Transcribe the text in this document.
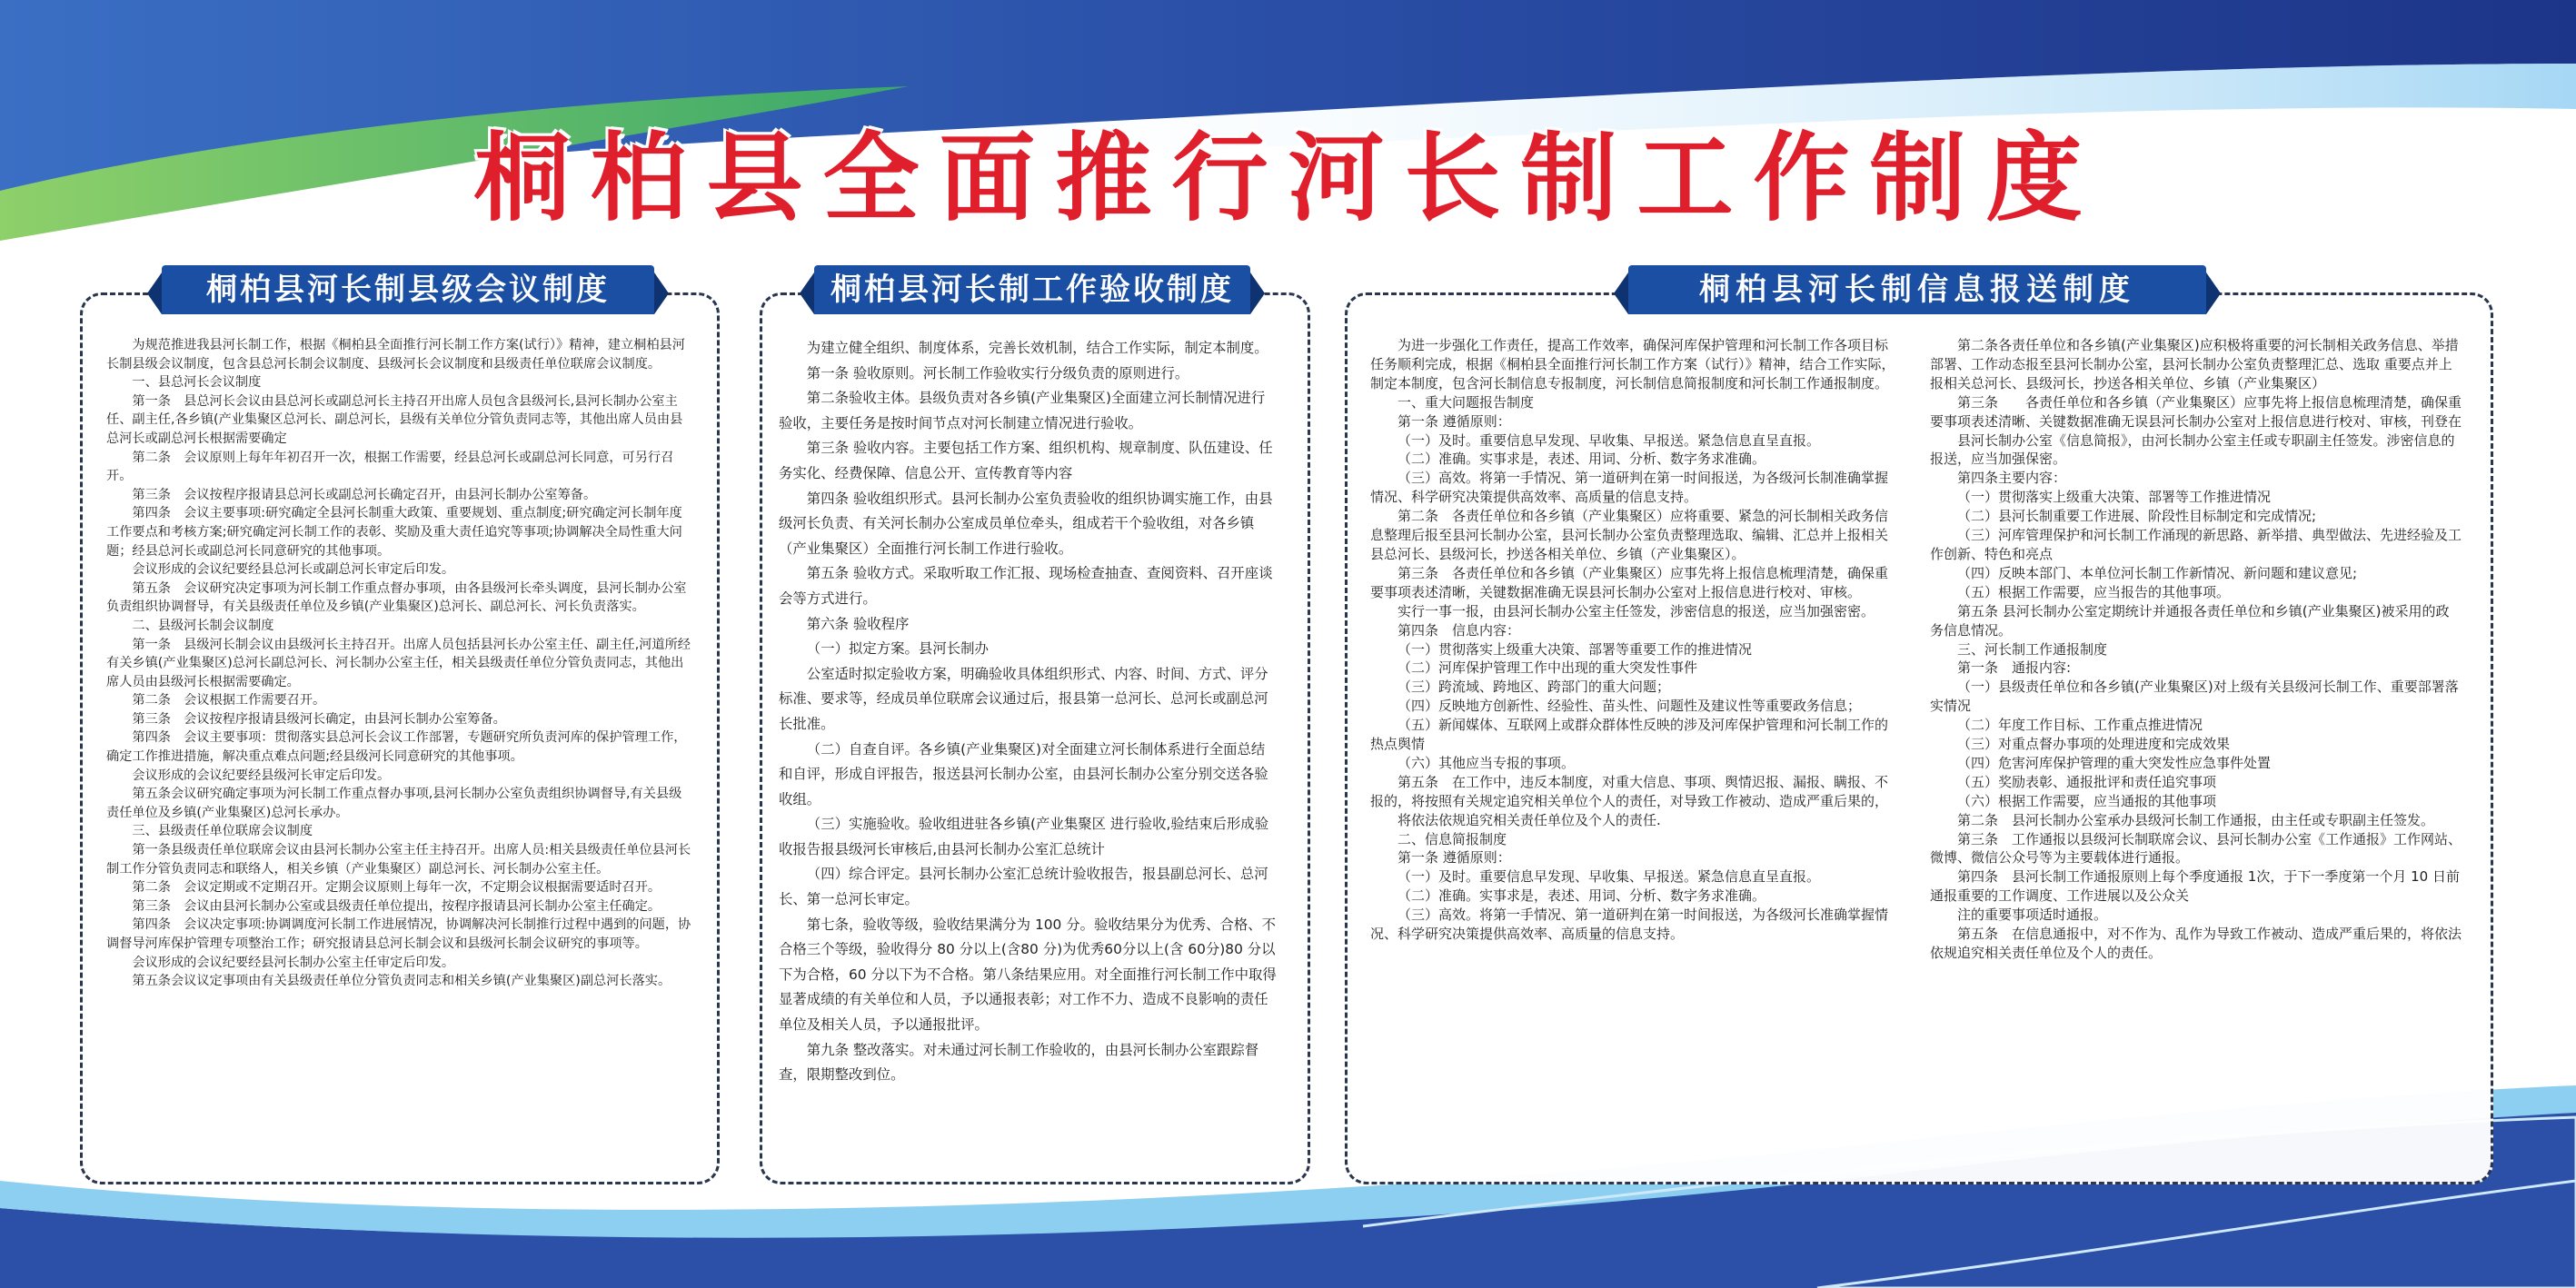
桐柏县全面推行河长制工作制度
桐柏县河长制县级会议制度

为规范推进我县河长制工作，根据《桐柏县全面推行河长制工作方案(试行）》精神，建立桐柏县河长制县级会议制度，包含县总河长制会议制度、县级河长会议制度和县级责任单位联席会议制度。

一、县总河长会议制度

第一条　县总河长会议由县总河长或副总河长主持召开出席人员包含县级河长,县河长制办公室主任、副主任,各乡镇(产业集聚区总河长、副总河长，县级有关单位分管负责同志等，其他出席人员由县总河长或副总河长根据需要确定

第二条　会议原则上每年年初召开一次，根据工作需要，经县总河长或副总河长同意，可另行召开。

第三条　会议按程序报请县总河长或副总河长确定召开，由县河长制办公室筹备。

第四条　会议主要事项:研究确定全县河长制重大政策、重要规划、重点制度;研究确定河长制年度工作要点和考核方案;研究确定河长制工作的表彰、奖励及重大责任追究等事项;协调解决全局性重大问题；经县总河长或副总河长同意研究的其他事项。

会议形成的会议纪要经县总河长或副总河长审定后印发。

第五条　会议研究决定事项为河长制工作重点督办事项，由各县级河长牵头调度，县河长制办公室负责组织协调督导，有关县级责任单位及乡镇(产业集聚区)总河长、副总河长、河长负责落实。

二、县级河长制会议制度

第一条　县级河长制会议由县级河长主持召开。出席人员包括县河长办公室主任、副主任,河道所经有关乡镇(产业集聚区)总河长副总河长、河长制办公室主任，相关县级责任单位分管负责同志，其他出席人员由县级河长根据需要确定。

第二条　会议根据工作需要召开。

第三条　会议按程序报请县级河长确定，由县河长制办公室筹备。

第四条　会议主要事项：贯彻落实县总河长会议工作部署，专题研究所负责河库的保护管理工作，确定工作推进措施，解决重点难点问题;经县级河长同意研究的其他事项。

会议形成的会议纪要经县级河长审定后印发。

第五条会议研究确定事项为河长制工作重点督办事项,县河长制办公室负责组织协调督导,有关县级责任单位及乡镇(产业集聚区)总河长承办。

三、县级责任单位联席会议制度

第一条县级责任单位联席会议由县河长制办公室主任主持召开。出席人员:相关县级责任单位县河长制工作分管负责同志和联络人，相关乡镇（产业集聚区）副总河长、河长制办公室主任。

第二条　会议定期或不定期召开。定期会议原则上每年一次，不定期会议根据需要适时召开。

第三条　会议由县河长制办公室或县级责任单位提出，按程序报请县河长制办公室主任确定。

第四条　会议决定事项:协调调度河长制工作进展情况，协调解决河长制推行过程中遇到的问题，协调督导河库保护管理专项整治工作；研究报请县总河长制会议和县级河长制会议研究的事项等。

会议形成的会议纪要经县河长制办公室主任审定后印发。

第五条会议议定事项由有关县级责任单位分管负责同志和相关乡镇(产业集聚区)副总河长落实。

桐柏县河长制工作验收制度

为建立健全组织、制度体系，完善长效机制，结合工作实际，制定本制度。

第一条 验收原则。河长制工作验收实行分级负责的原则进行。

第二条验收主体。县级负责对各乡镇(产业集聚区)全面建立河长制情况进行验收，主要任务是按时间节点对河长制建立情况进行验收。

第三条 验收内容。主要包括工作方案、组织机构、规章制度、队伍建设、任务实化、经费保障、信息公开、宣传教育等内容

第四条 验收组织形式。县河长制办公室负责验收的组织协调实施工作，由县级河长负责、有关河长制办公室成员单位牵头，组成若干个验收组，对各乡镇（产业集聚区）全面推行河长制工作进行验收。

第五条 验收方式。采取听取工作汇报、现场检查抽查、查阅资料、召开座谈会等方式进行。

第六条 验收程序

（一）拟定方案。县河长制办

公室适时拟定验收方案，明确验收具体组织形式、内容、时间、方式、评分标准、要求等，经成员单位联席会议通过后，报县第一总河长、总河长或副总河长批准。

（二）自查自评。各乡镇(产业集聚区)对全面建立河长制体系进行全面总结和自评，形成自评报告，报送县河长制办公室，由县河长制办公室分别交送各验收组。

（三）实施验收。验收组进驻各乡镇(产业集聚区 进行验收,验结束后形成验收报告报县级河长审核后,由县河长制办公室汇总统计

（四）综合评定。县河长制办公室汇总统计验收报告，报县副总河长、总河长、第一总河长审定。

第七条，验收等级，验收结果满分为 100 分。验收结果分为优秀、合格、不合格三个等级，验收得分 80 分以上(含80 分)为优秀60分以上(含 60分)80 分以下为合格，60 分以下为不合格。第八条结果应用。对全面推行河长制工作中取得显著成绩的有关单位和人员，予以通报表彰；对工作不力、造成不良影响的责任单位及相关人员，予以通报批评。

第九条 整改落实。对未通过河长制工作验收的，由县河长制办公室跟踪督查，限期整改到位。

桐柏县河长制信息报送制度

为进一步强化工作责任，提高工作效率，确保河库保护管理和河长制工作各项目标任务顺利完成，根据《桐柏县全面推行河长制工作方案（试行）》精神，结合工作实际，制定本制度，包含河长制信息专报制度，河长制信息简报制度和河长制工作通报制度。

一、重大问题报告制度

第一条 遵循原则：

（一）及时。重要信息早发现、早收集、早报送。紧急信息直呈直报。

（二）准确。实事求是，表述、用词、分析、数字务求准确。

（三）高效。将第一手情况、第一道研判在第一时间报送，为各级河长制准确掌握情况、科学研究决策提供高效率、高质量的信息支持。

第二条　各责任单位和各乡镇（产业集聚区）应将重要、紧急的河长制相关政务信息整理后报至县河长制办公室，县河长制办公室负责整理选取、编辑、汇总并上报相关县总河长、县级河长，抄送各相关单位、乡镇（产业集聚区）。

第三条　各责任单位和各乡镇（产业集聚区）应事先将上报信息梳理清楚，确保重要事项表述清晰，关键数据准确无误县河长制办公室对上报信息进行校对、审核。

实行一事一报，由县河长制办公室主任签发，涉密信息的报送，应当加强密密。

第四条　信息内容：

（一）贯彻落实上级重大决策、部署等重要工作的推进情况

（二）河库保护管理工作中出现的重大突发性事件

（三）跨流域、跨地区、跨部门的重大问题；

（四）反映地方创新性、经验性、苗头性、问题性及建议性等重要政务信息；

（五）新闻媒体、互联网上或群众群体性反映的涉及河库保护管理和河长制工作的热点舆情

（六）其他应当专报的事项。

第五条　在工作中，违反本制度，对重大信息、事项、舆情迟报、漏报、瞒报、不报的，将按照有关规定追究相关单位个人的责任，对导致工作被动、造成严重后果的，

将依法依规追究相关责任单位及个人的责任.

二、信息简报制度

第一条 遵循原则：

（一）及时。重要信息早发现、早收集、早报送。紧急信息直呈直报。

（二）准确。实事求是，表述、用词、分析、数字务求准确。

（三）高效。将第一手情况、第一道研判在第一时间报送，为各级河长准确掌握情况、科学研究决策提供高效率、高质量的信息支持。

第二条各责任单位和各乡镇(产业集聚区)应积极将重要的河长制相关政务信息、举措部署、工作动态报至县河长制办公室，县河长制办公室负责整理汇总、选取 重要点并上报相关总河长、县级河长，抄送各相关单位、乡镇（产业集聚区）

第三条　　各责任单位和各乡镇（产业集聚区）应事先将上报信息梳理清楚，确保重要事项表述清晰、关键数据准确无误县河长制办公室对上报信息进行校对、审核，刊登在

县河长制办公室《信息简报》，由河长制办公室主任或专职副主任签发。涉密信息的报送，应当加强保密。

第四条主要内容：

（一）贯彻落实上级重大决策、部署等工作推进情况

（二）县河长制重要工作进展、阶段性目标制定和完成情况;

（三）河库管理保护和河长制工作涌现的新思路、新举措、典型做法、先进经验及工作创新、特色和亮点

（四）反映本部门、本单位河长制工作新情况、新问题和建议意见;

（五）根据工作需要，应当报告的其他事项。

第五条 县河长制办公室定期统计并通报各责任单位和乡镇(产业集聚区)被采用的政务信息情况。

三、河长制工作通报制度

第一条　通报内容:

（一）县级责任单位和各乡镇(产业集聚区)对上级有关县级河长制工作、重要部署落实情况

（二）年度工作目标、工作重点推进情况

（三）对重点督办事项的处理进度和完成效果

（四）危害河库保护管理的重大突发性应急事件处置

（五）奖励表彰、通报批评和责任追究事项

（六）根据工作需要，应当通报的其他事项

第二条　县河长制办公室承办县级河长制工作通报，由主任或专职副主任签发。

第三条　工作通报以县级河长制联席会议、县河长制办公室《工作通报》工作网站、微博、微信公众号等为主要载体进行通报。

第四条　县河长制工作通报原则上每个季度通报 1次，于下一季度第一个月 10 日前通报重要的工作调度、工作进展以及公众关

注的重要事项适时通报。

第五条　在信息通报中，对不作为、乱作为导致工作被动、造成严重后果的，将依法依规追究相关责任单位及个人的责任。
